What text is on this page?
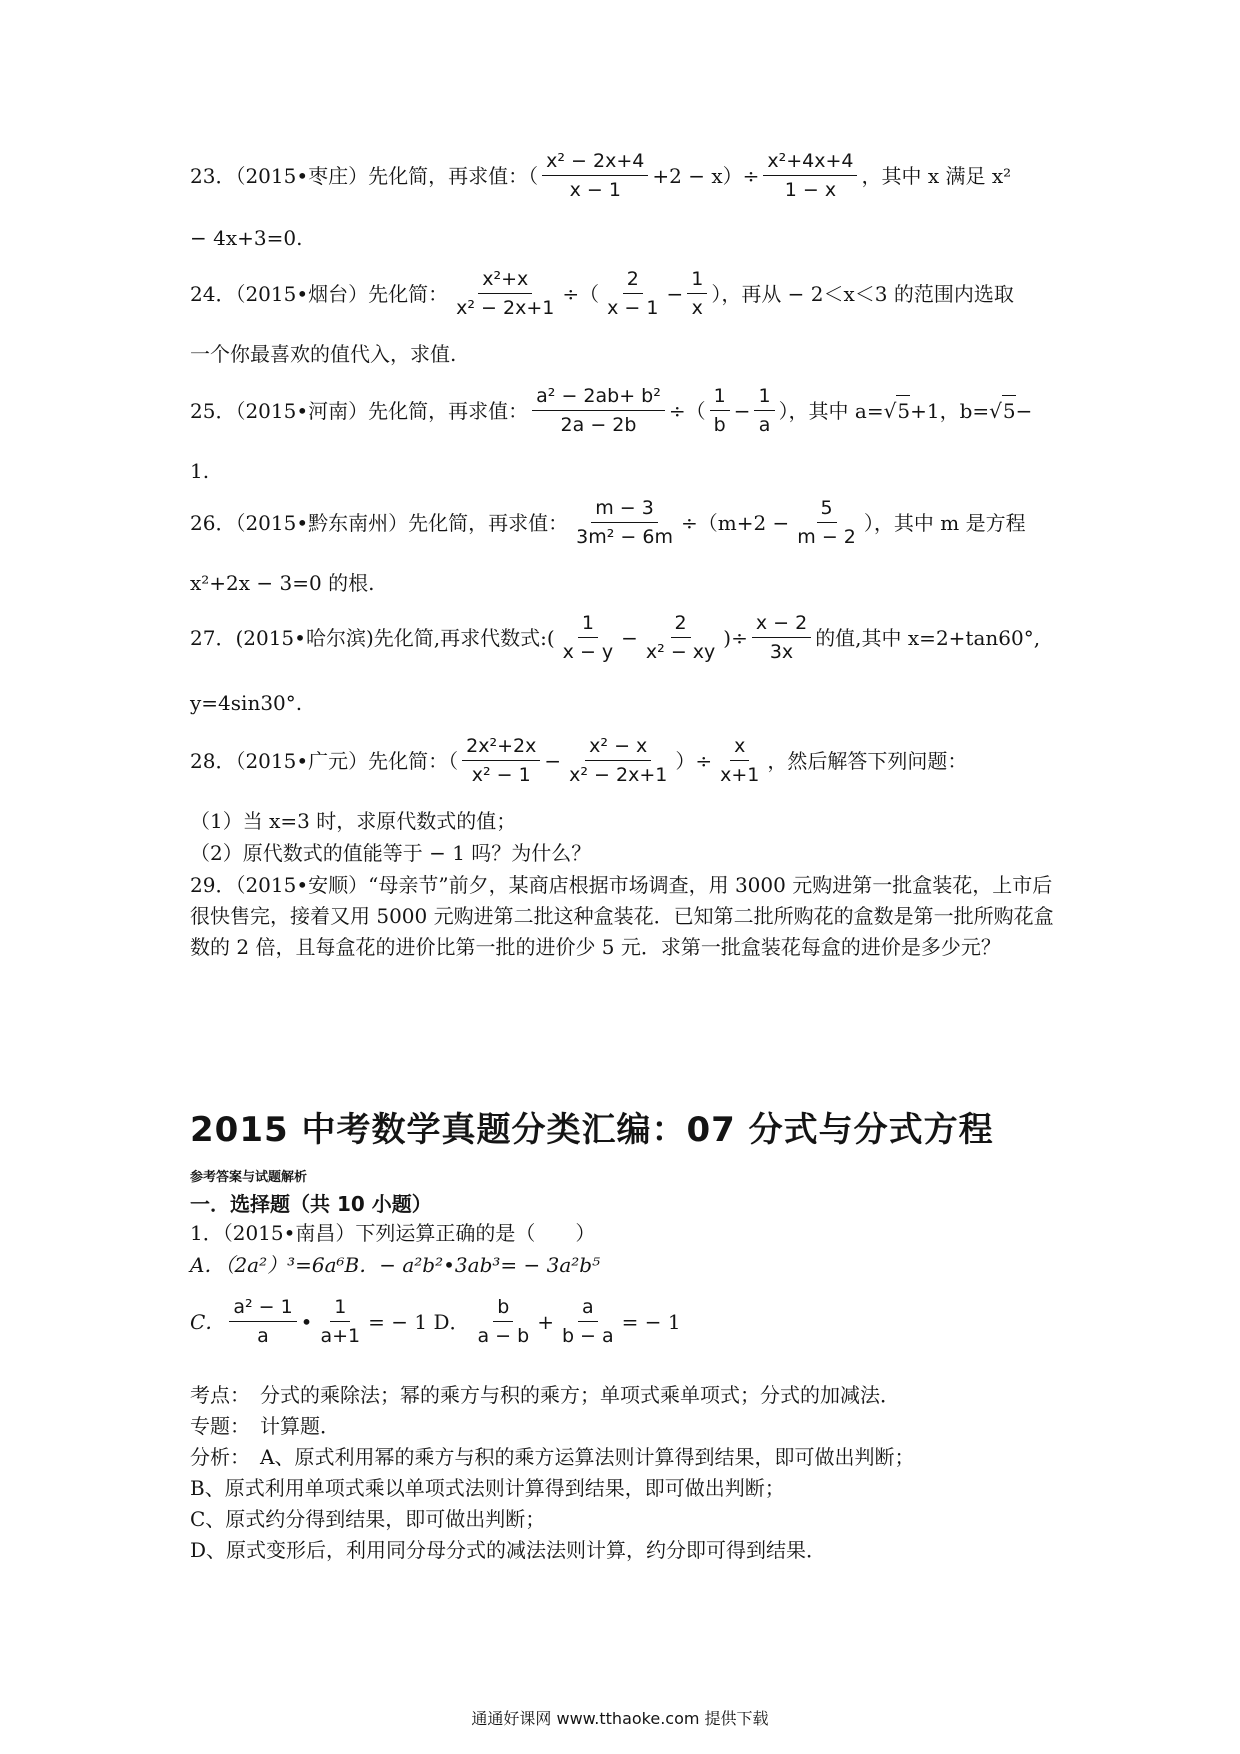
23．（2015•枣庄）先化简，再求值：（ $\frac{\text{x² − 2x+4}}{x - 1} +2 - x)\div \frac{\text{x²+4x+4}}{1 - x}$ ，其中 x 满足 x²
− 4x+3=0.
24．（2015•烟台）先化简： $\frac{\text{x²+x}}{\text{x² − 2x+1}}$ ÷（ $\frac{2}{x - 1} - \frac{1}{x}$ ），再从 − 2＜x＜3 的范围内选取
一个你最喜欢的值代入，求值.
25．（2015•河南）先化简，再求值： $\frac{\text{a² − 2ab+ b²}}{2a - 2b}$ ÷（ $\frac{1}{b} - \frac{1}{a}$ ），其中 a= √ 5 +1，b= √ 5 −
1.
26．（2015•黔东南州）先化简，再求值： $\frac{m - 3}{\text{3m² − 6m}} \div(m+2 - \frac{5}{m - 2}$ ），其中 m 是方程
x²+2x − 3=0 的根.
27．(2015•哈尔滨)先化简,再求代数式:( $\frac{1}{x - y} - \frac{2}{\text{x² − xy}}$ )÷ $\frac{x - 2}{3x}$ 的值,其中 x=2+tan60°,
y=4sin30°.
28．（2015•广元）先化简：（ $\frac{\text{2x²+2x}}{\text{x² − 1}} - \frac{\text{x² − x}}{\text{x² − 2x+1}}$ ）÷ $\frac{x}{x+1}$ ，然后解答下列问题：
（1）当 x=3 时，求原代数式的值；
（2）原代数式的值能等于 − 1 吗？为什么？
29．（2015•安顺）“母亲节”前夕，某商店根据市场调查，用 3000 元购进第一批盒装花，上市后很快售完，接着又用 5000 元购进第二批这种盒装花．已知第二批所购花的盒数是第一批所购花盒数的 2 倍，且每盒花的进价比第一批的进价少 5 元．求第一批盒装花每盒的进价是多少元？
2015 中考数学真题分类汇编：07 分式与分式方程
参考答案与试题解析
一．选择题（共 10 小题）
1．（2015•南昌）下列运算正确的是（　　）
A．（2a²）³=6a⁶B．− a²b²•3ab³= − 3a²b⁵
C． $\frac{\text{a² − 1}}{a}$ • $\frac{1}{a+1}$ = − 1 D． $\frac{b}{a - b} + \frac{a}{b - a}$ = − 1
考点：　分式的乘除法；幂的乘方与积的乘方；单项式乘单项式；分式的加减法．
专题：　计算题．
分析：　A、原式利用幂的乘方与积的乘方运算法则计算得到结果，即可做出判断；
B、原式利用单项式乘以单项式法则计算得到结果，即可做出判断；
C、原式约分得到结果，即可做出判断；
D、原式变形后，利用同分母分式的减法法则计算，约分即可得到结果．
通通好课网 www.tthaoke.com 提供下载
